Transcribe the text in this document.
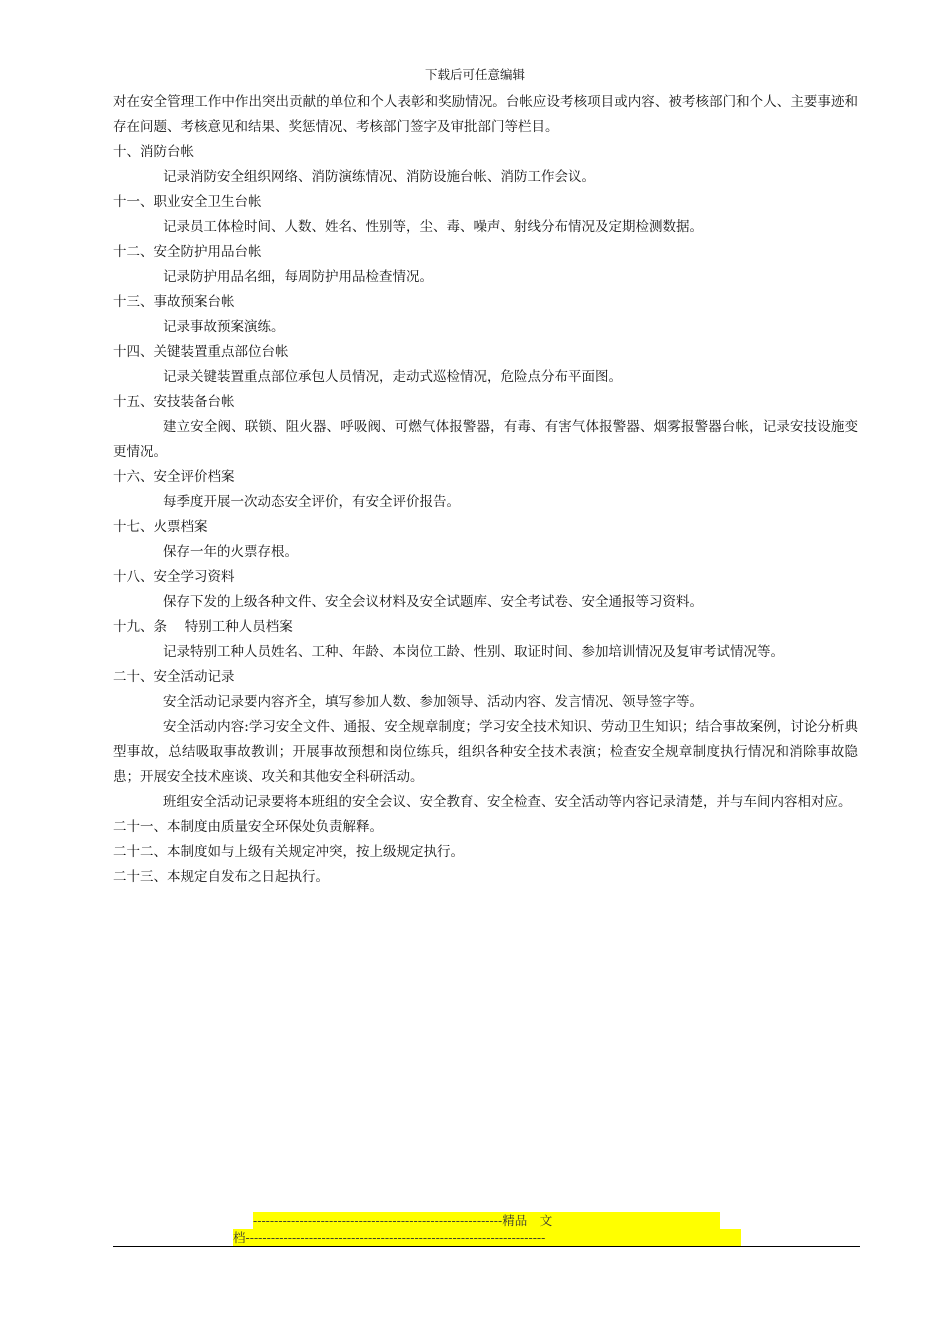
下载后可任意编辑

对在安全管理工作中作出突出贡献的单位和个人表彰和奖励情况。台帐应设考核项目或内容、被考核部门和个人、主要事迹和存在问题、考核意见和结果、奖惩情况、考核部门签字及审批部门等栏目。

十、消防台帐

记录消防安全组织网络、消防演练情况、消防设施台帐、消防工作会议。

十一、职业安全卫生台帐

记录员工体检时间、人数、姓名、性别等，尘、毒、噪声、射线分布情况及定期检测数据。

十二、安全防护用品台帐

记录防护用品名细，每周防护用品检查情况。

十三、事故预案台帐

记录事故预案演练。

十四、关键装置重点部位台帐

记录关键装置重点部位承包人员情况，走动式巡检情况，危险点分布平面图。

十五、安技装备台帐

建立安全阀、联锁、阻火器、呼吸阀、可燃气体报警器，有毒、有害气体报警器、烟雾报警器台帐，记录安技设施变更情况。

十六、安全评价档案

每季度开展一次动态安全评价，有安全评价报告。

十七、火票档案

保存一年的火票存根。

十八、安全学习资料

保存下发的上级各种文件、安全会议材料及安全试题库、安全考试卷、安全通报等习资料。

十九、条　 特别工种人员档案

记录特别工种人员姓名、工种、年龄、本岗位工龄、性别、取证时间、参加培训情况及复审考试情况等。

二十、安全活动记录

安全活动记录要内容齐全，填写参加人数、参加领导、活动内容、发言情况、领导签字等。

安全活动内容:学习安全文件、通报、安全规章制度；学习安全技术知识、劳动卫生知识；结合事故案例，讨论分析典型事故，总结吸取事故教训；开展事故预想和岗位练兵，组织各种安全技术表演；检查安全规章制度执行情况和消除事故隐患；开展安全技术座谈、攻关和其他安全科研活动。

班组安全活动记录要将本班组的安全会议、安全教育、安全检查、安全活动等内容记录清楚，并与车间内容相对应。

二十一、本制度由质量安全环保处负责解释。

二十二、本制度如与上级有关规定冲突，按上级规定执行。

二十三、本规定自发布之日起执行。

-----------------------------------------------------------精品　文
档-----------------------------------------------------------------------
